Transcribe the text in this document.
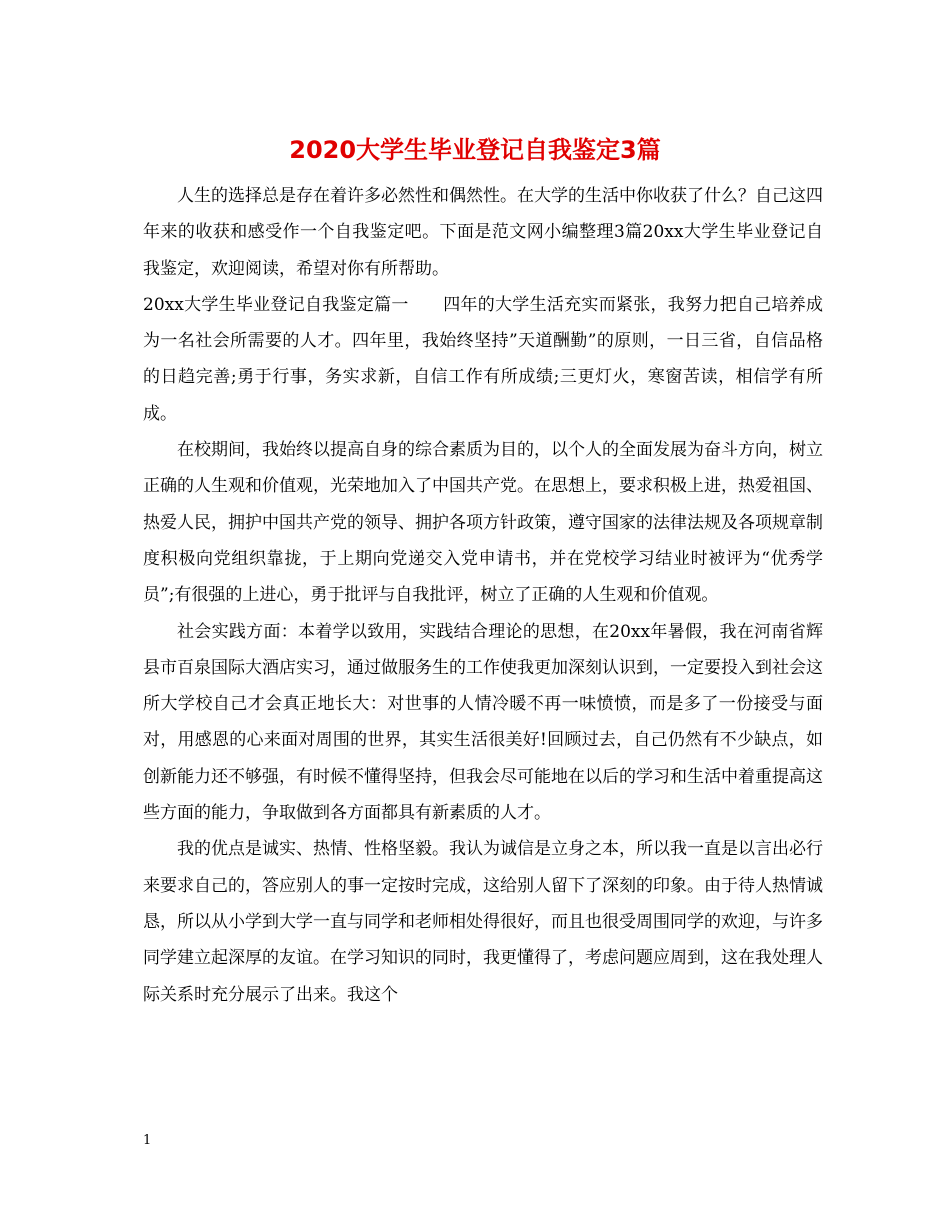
2020大学生毕业登记自我鉴定3篇

人生的选择总是存在着许多必然性和偶然性。在大学的生活中你收获了什么？自己这四年来的收获和感受作一个自我鉴定吧。下面是范文网小编整理3篇20xx大学生毕业登记自我鉴定，欢迎阅读，希望对你有所帮助。

20xx大学生毕业登记自我鉴定篇一　　四年的大学生活充实而紧张，我努力把自己培养成为一名社会所需要的人才。四年里，我始终坚持”天道酬勤”的原则，一日三省，自信品格的日趋完善;勇于行事，务实求新，自信工作有所成绩;三更灯火，寒窗苦读，相信学有所成。

在校期间，我始终以提高自身的综合素质为目的，以个人的全面发展为奋斗方向，树立正确的人生观和价值观，光荣地加入了中国共产党。在思想上，要求积极上进，热爱祖国、热爱人民，拥护中国共产党的领导、拥护各项方针政策，遵守国家的法律法规及各项规章制度积极向党组织靠拢，于上期向党递交入党申请书，并在党校学习结业时被评为“优秀学员”;有很强的上进心，勇于批评与自我批评，树立了正确的人生观和价值观。

社会实践方面：本着学以致用，实践结合理论的思想，在20xx年暑假，我在河南省辉县市百泉国际大酒店实习，通过做服务生的工作使我更加深刻认识到，一定要投入到社会这所大学校自己才会真正地长大：对世事的人情冷暖不再一味愤愤，而是多了一份接受与面对，用感恩的心来面对周围的世界，其实生活很美好!回顾过去，自己仍然有不少缺点，如创新能力还不够强，有时候不懂得坚持，但我会尽可能地在以后的学习和生活中着重提高这些方面的能力，争取做到各方面都具有新素质的人才。

我的优点是诚实、热情、性格坚毅。我认为诚信是立身之本，所以我一直是以言出必行来要求自己的，答应别人的事一定按时完成，这给别人留下了深刻的印象。由于待人热情诚恳，所以从小学到大学一直与同学和老师相处得很好，而且也很受周围同学的欢迎，与许多同学建立起深厚的友谊。在学习知识的同时，我更懂得了，考虑问题应周到，这在我处理人际关系时充分展示了出来。我这个

1
